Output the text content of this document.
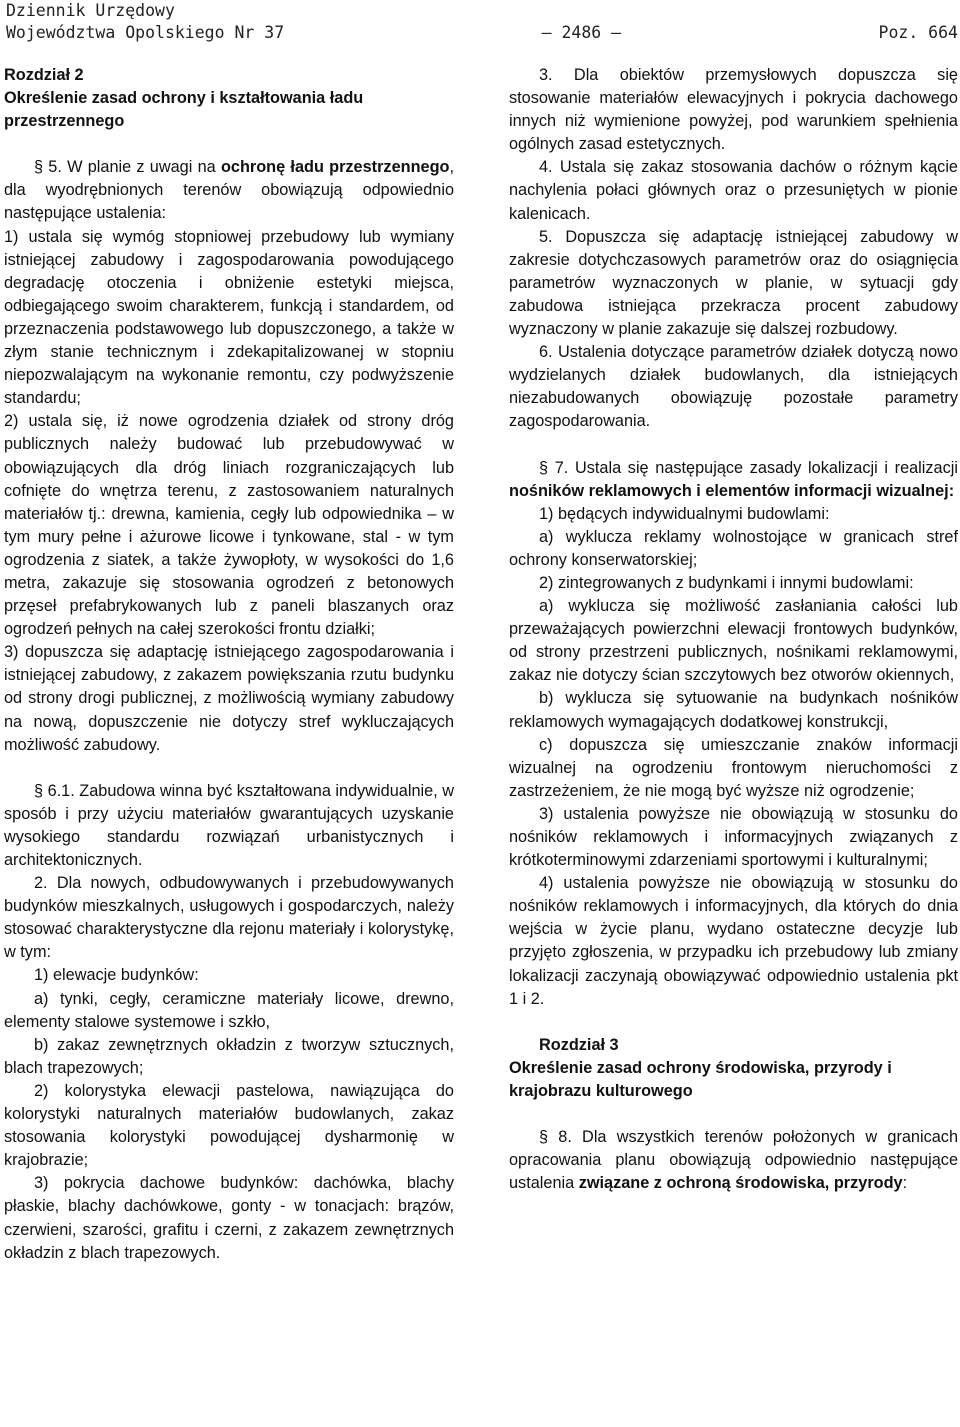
Dziennik Urzędowy
Województwa Opolskiego Nr 37	– 2486 –	Poz. 664

Rozdział 2
Określenie zasad ochrony i kształtowania ładu przestrzennego

§ 5. W planie z uwagi na ochronę ładu przestrzennego, dla wyodrębnionych terenów obowiązują odpowiednio następujące ustalenia:

1) ustala się wymóg stopniowej przebudowy lub wymiany istniejącej zabudowy i zagospodarowania powodującego degradację otoczenia i obniżenie estetyki miejsca, odbiegającego swoim charakterem, funkcją i standardem, od przeznaczenia podstawowego lub dopuszczonego, a także w złym stanie technicznym i zdekapitalizowanej w stopniu niepozwalającym na wykonanie remontu, czy podwyższenie standardu;

2) ustala się, iż nowe ogrodzenia działek od strony dróg publicznych należy budować lub przebudowywać w obowiązujących dla dróg liniach rozgraniczających lub cofnięte do wnętrza terenu, z zastosowaniem naturalnych materiałów tj.: drewna, kamienia, cegły lub odpowiednika – w tym mury pełne i ażurowe licowe i tynkowane, stal - w tym ogrodzenia z siatek, a także żywopłoty, w wysokości do 1,6 metra, zakazuje się stosowania ogrodzeń z betonowych przęseł prefabrykowanych lub z paneli blaszanych oraz ogrodzeń pełnych na całej szerokości frontu działki;

3) dopuszcza się adaptację istniejącego zagospodarowania i istniejącej zabudowy, z zakazem powiększania rzutu budynku od strony drogi publicznej, z możliwością wymiany zabudowy na nową, dopuszczenie nie dotyczy stref wykluczających możliwość zabudowy.

§ 6.1. Zabudowa winna być kształtowana indywidualnie, w sposób i przy użyciu materiałów gwarantujących uzyskanie wysokiego standardu rozwiązań urbanistycznych i architektonicznych.

2. Dla nowych, odbudowywanych i przebudowywanych budynków mieszkalnych, usługowych i gospodarczych, należy stosować charakterystyczne dla rejonu materiały i kolorystykę, w tym:

1) elewacje budynków:

a) tynki, cegły, ceramiczne materiały licowe, drewno, elementy stalowe systemowe i szkło,

b) zakaz zewnętrznych okładzin z tworzyw sztucznych, blach trapezowych;

2) kolorystyka elewacji pastelowa, nawiązująca do kolorystyki naturalnych materiałów budowlanych, zakaz stosowania kolorystyki powodującej dysharmonię w krajobrazie;

3) pokrycia dachowe budynków: dachówka, blachy płaskie, blachy dachówkowe, gonty - w tonacjach: brązów, czerwieni, szarości, grafitu i czerni, z zakazem zewnętrznych okładzin z blach trapezowych.

3. Dla obiektów przemysłowych dopuszcza się stosowanie materiałów elewacyjnych i pokrycia dachowego innych niż wymienione powyżej, pod warunkiem spełnienia ogólnych zasad estetycznych.

4. Ustala się zakaz stosowania dachów o różnym kącie nachylenia połaci głównych oraz o przesuniętych w pionie kalenicach.

5. Dopuszcza się adaptację istniejącej zabudowy w zakresie dotychczasowych parametrów oraz do osiągnięcia parametrów wyznaczonych w planie, w sytuacji gdy zabudowa istniejąca przekracza procent zabudowy wyznaczony w planie zakazuje się dalszej rozbudowy.

6. Ustalenia dotyczące parametrów działek dotyczą nowo wydzielanych działek budowlanych, dla istniejących niezabudowanych obowiązuję pozostałe parametry zagospodarowania.

§ 7. Ustala się następujące zasady lokalizacji i realizacji nośników reklamowych i elementów informacji wizualnej:

1) będących indywidualnymi budowlami:

a) wyklucza reklamy wolnostojące w granicach stref ochrony konserwatorskiej;

2) zintegrowanych z budynkami i innymi budowlami:

a) wyklucza się możliwość zasłaniania całości lub przeważających powierzchni elewacji frontowych budynków, od strony przestrzeni publicznych, nośnikami reklamowymi, zakaz nie dotyczy ścian szczytowych bez otworów okiennych,

b) wyklucza się sytuowanie na budynkach nośników reklamowych wymagających dodatkowej konstrukcji,

c) dopuszcza się umieszczanie znaków informacji wizualnej na ogrodzeniu frontowym nieruchomości z zastrzeżeniem, że nie mogą być wyższe niż ogrodzenie;

3) ustalenia powyższe nie obowiązują w stosunku do nośników reklamowych i informacyjnych związanych z krótkoterminowymi zdarzeniami sportowymi i kulturalnymi;

4) ustalenia powyższe nie obowiązują w stosunku do nośników reklamowych i informacyjnych, dla których do dnia wejścia w życie planu, wydano ostateczne decyzje lub przyjęto zgłoszenia, w przypadku ich przebudowy lub zmiany lokalizacji zaczynają obowiązywać odpowiednio ustalenia pkt 1 i 2.

Rozdział 3
Określenie zasad ochrony środowiska, przyrody i krajobrazu kulturowego

§ 8. Dla wszystkich terenów położonych w granicach opracowania planu obowiązują odpowiednio następujące ustalenia związane z ochroną środowiska, przyrody:
